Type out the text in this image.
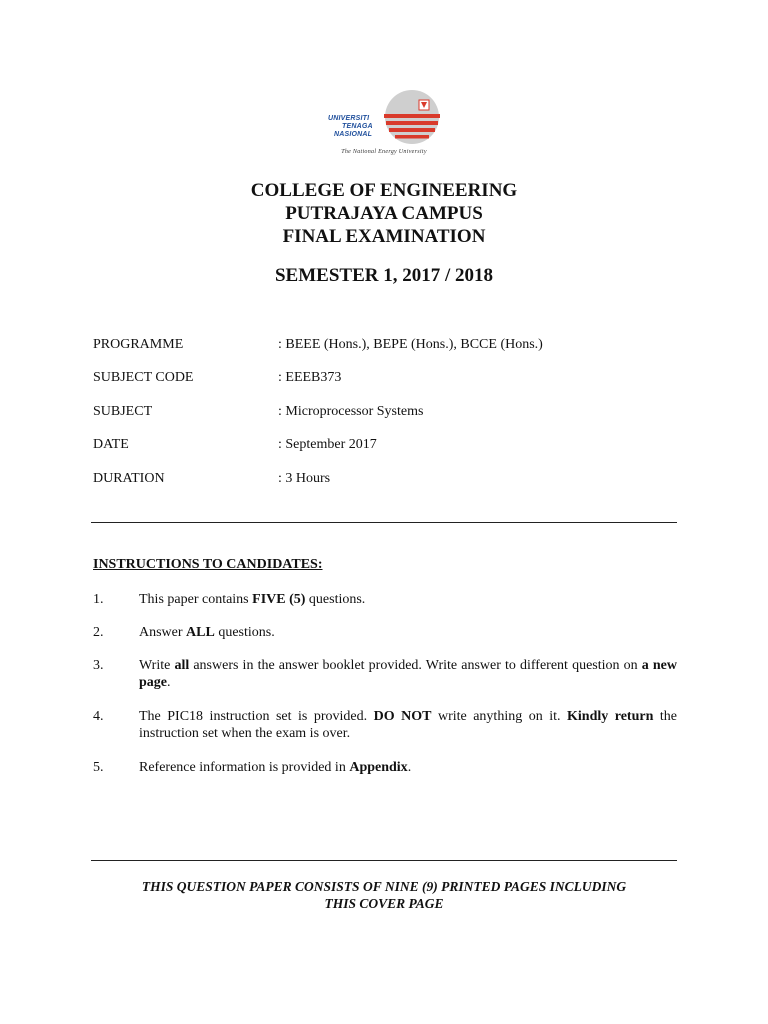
UNIVERSITI
TENAGA
NASIONAL
The National Energy University
COLLEGE OF ENGINEERING
PUTRAJAYA CAMPUS
FINAL EXAMINATION
SEMESTER 1, 2017 / 2018
PROGRAMME	: BEEE (Hons.), BEPE (Hons.), BCCE (Hons.)
SUBJECT CODE	: EEEB373
SUBJECT	: Microprocessor Systems
DATE	: September 2017
DURATION	: 3 Hours
INSTRUCTIONS TO CANDIDATES:
1.	This paper contains FIVE (5) questions.
2.	Answer ALL questions.
3.	Write all answers in the answer booklet provided. Write answer to different question on a new page.
4.	The PIC18 instruction set is provided. DO NOT write anything on it. Kindly return the instruction set when the exam is over.
5.	Reference information is provided in Appendix.
THIS QUESTION PAPER CONSISTS OF NINE (9) PRINTED PAGES INCLUDING
THIS COVER PAGE
